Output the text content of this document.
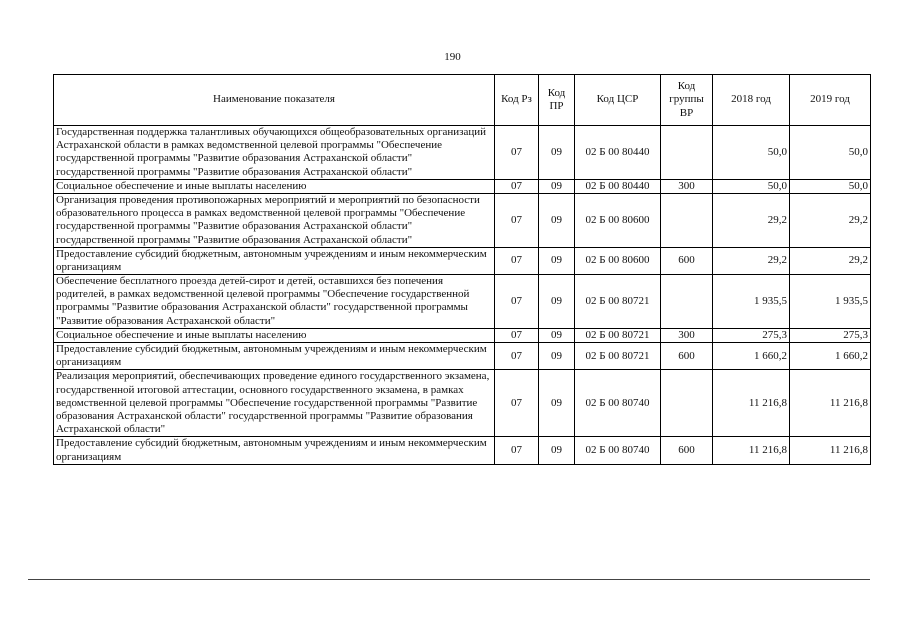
190
Наименование показателя	Код Рз	Код ПР	Код ЦСР	Код группы ВР	2018 год	2019 год
Государственная поддержка талантливых обучающихся общеобразовательных организаций Астраханской области в рамках ведомственной целевой программы "Обеспечение государственной программы "Развитие образования Астраханской области" государственной программы "Развитие образования Астраханской области"	07	09	02 Б 00 80440		50,0	50,0
Социальное обеспечение и иные выплаты населению	07	09	02 Б 00 80440	300	50,0	50,0
Организация проведения противопожарных мероприятий и мероприятий по безопасности образовательного процесса в рамках ведомственной целевой программы "Обеспечение государственной программы "Развитие образования Астраханской области" государственной программы "Развитие образования Астраханской области"	07	09	02 Б 00 80600		29,2	29,2
Предоставление субсидий бюджетным, автономным учреждениям и иным некоммерческим организациям	07	09	02 Б 00 80600	600	29,2	29,2
Обеспечение бесплатного проезда детей-сирот и детей, оставшихся без попечения родителей, в рамках ведомственной целевой программы "Обеспечение государственной программы "Развитие образования Астраханской области" государственной программы "Развитие образования Астраханской области"	07	09	02 Б 00 80721		1 935,5	1 935,5
Социальное обеспечение и иные выплаты населению	07	09	02 Б 00 80721	300	275,3	275,3
Предоставление субсидий бюджетным, автономным учреждениям и иным некоммерческим организациям	07	09	02 Б 00 80721	600	1 660,2	1 660,2
Реализация мероприятий, обеспечивающих проведение единого государственного экзамена, государственной итоговой аттестации, основного государственного экзамена, в рамках ведомственной целевой программы "Обеспечение государственной программы "Развитие образования Астраханской области" государственной программы "Развитие образования Астраханской области"	07	09	02 Б 00 80740		11 216,8	11 216,8
Предоставление субсидий бюджетным, автономным учреждениям и иным некоммерческим организациям	07	09	02 Б 00 80740	600	11 216,8	11 216,8
